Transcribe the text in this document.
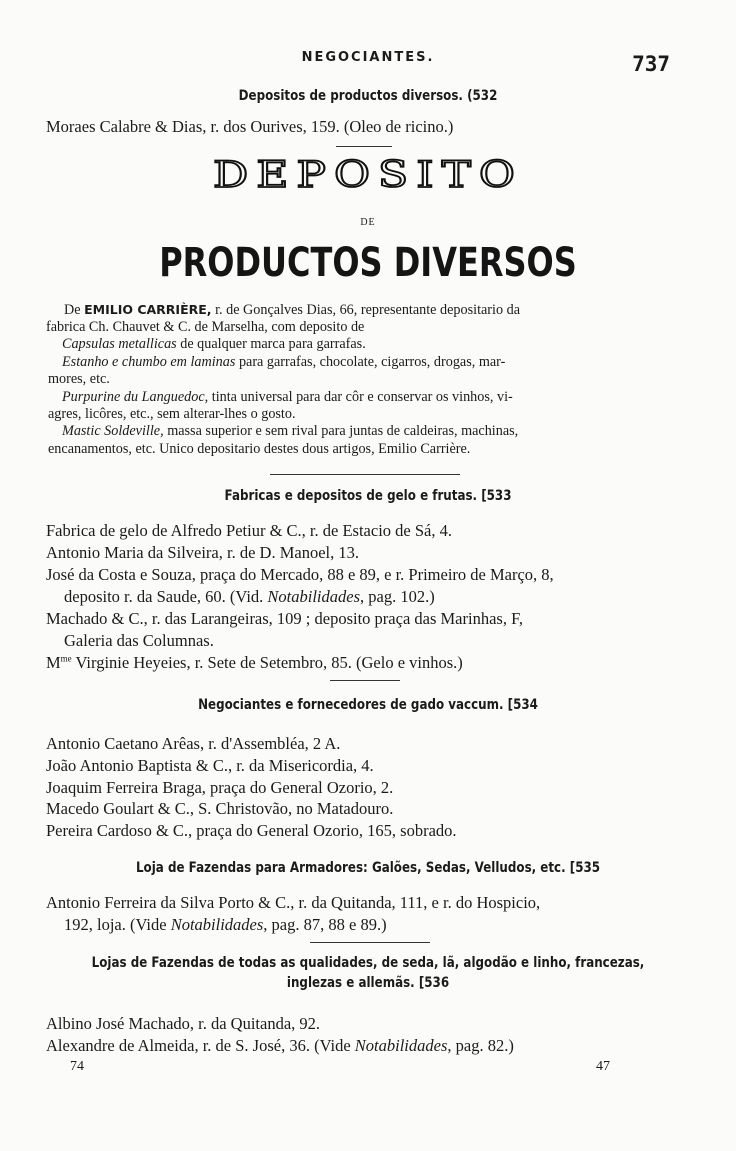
NEGOCIANTES.	737
Depositos de productos diversos. (532
Moraes Calabre & Dias, r. dos Ourives, 159. (Oleo de ricino.)
DEPOSITO
DE
PRODUCTOS DIVERSOS
De EMILIO CARRIÈRE, r. de Gonçalves Dias, 66, representante depositario da
fabrica Ch. Chauvet & C. de Marselha, com deposito de
Capsulas metallicas de qualquer marca para garrafas.
Estanho e chumbo em laminas para garrafas, chocolate, cigarros, drogas, mar-
mores, etc.
Purpurine du Languedoc, tinta universal para dar côr e conservar os vinhos, vi-
agres, licôres, etc., sem alterar-lhes o gosto.
Mastic Soldeville, massa superior e sem rival para juntas de caldeiras, machinas,
encanamentos, etc. Unico depositario destes dous artigos, Emilio Carrière.
Fabricas e depositos de gelo e frutas. [533
Fabrica de gelo de Alfredo Petiur & C., r. de Estacio de Sá, 4.
Antonio Maria da Silveira, r. de D. Manoel, 13.
José da Costa e Souza, praça do Mercado, 88 e 89, e r. Primeiro de Março, 8,
deposito r. da Saude, 60. (Vid. Notabilidades, pag. 102.)
Machado & C., r. das Larangeiras, 109 ; deposito praça das Marinhas, F,
Galeria das Columnas.
$M^{me}$ Virginie Heyeies, r. Sete de Setembro, 85. (Gelo e vinhos.)
Negociantes e fornecedores de gado vaccum. [534
Antonio Caetano Arêas, r. d'Assembléa, 2 A.
João Antonio Baptista & C., r. da Misericordia, 4.
Joaquim Ferreira Braga, praça do General Ozorio, 2.
Macedo Goulart & C., S. Christovão, no Matadouro.
Pereira Cardoso & C., praça do General Ozorio, 165, sobrado.
Loja de Fazendas para Armadores: Galões, Sedas, Velludos, etc. [535
Antonio Ferreira da Silva Porto & C., r. da Quitanda, 111, e r. do Hospicio,
192, loja. (Vide Notabilidades, pag. 87, 88 e 89.)
Lojas de Fazendas de todas as qualidades, de seda, lã, algodão e linho, francezas,
inglezas e allemãs. [536
Albino José Machado, r. da Quitanda, 92.
Alexandre de Almeida, r. de S. José, 36. (Vide Notabilidades, pag. 82.)
74	47
